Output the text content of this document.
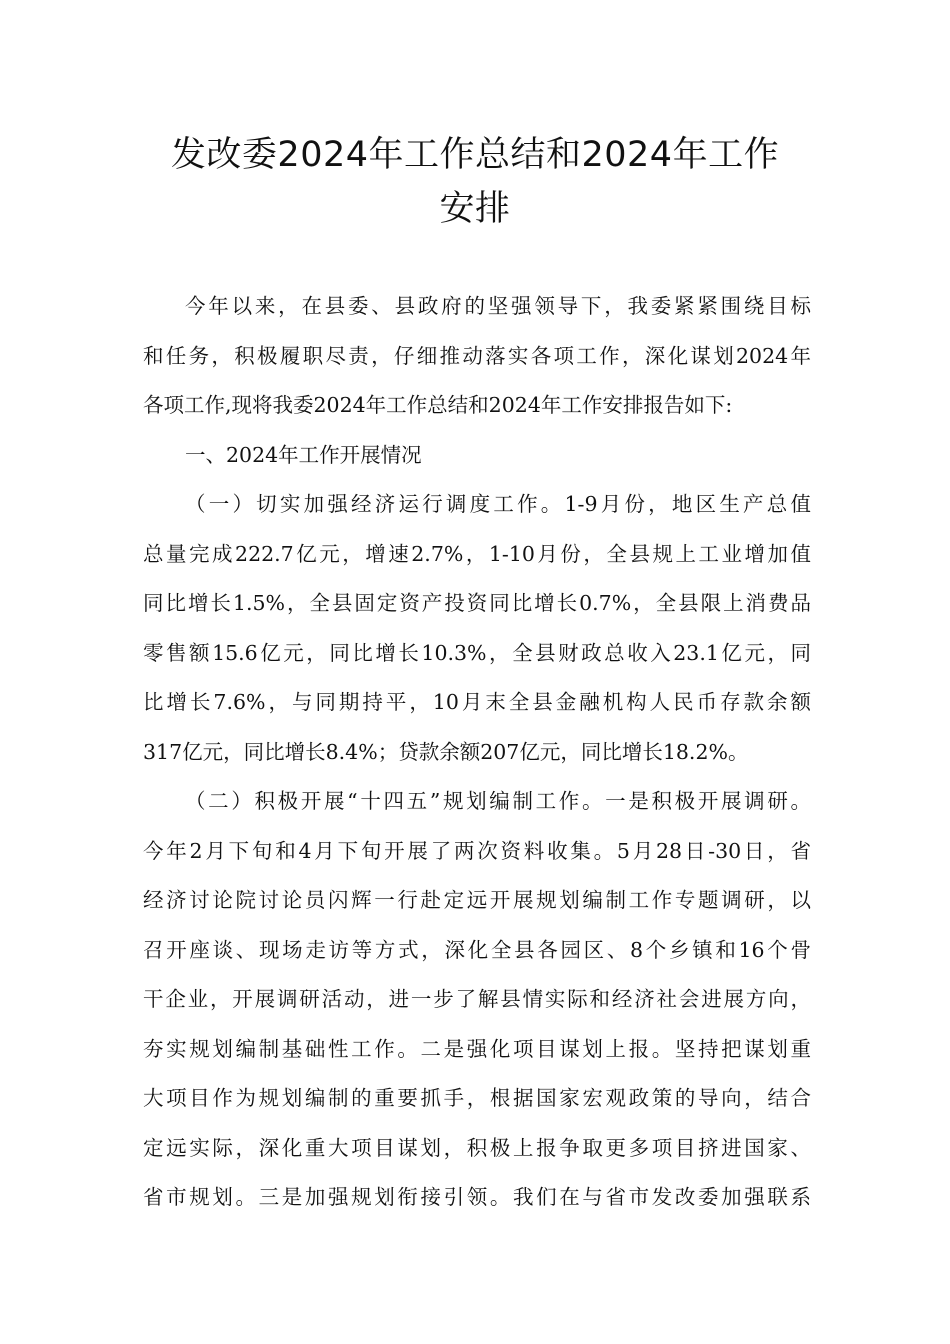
发改委2024年工作总结和2024年工作
安排
今年以来，在县委、县政府的坚强领导下，我委紧紧围绕目标
和任务，积极履职尽责，仔细推动落实各项工作，深化谋划2024年
各项工作,现将我委2024年工作总结和2024年工作安排报告如下:
一、2024年工作开展情况
（一）切实加强经济运行调度工作。1-9月份，地区生产总值
总量完成222.7亿元，增速2.7%，1-10月份，全县规上工业增加值
同比增长1.5%，全县固定资产投资同比增长0.7%，全县限上消费品
零售额15.6亿元，同比增长10.3%，全县财政总收入23.1亿元，同
比增长7.6%，与同期持平，10月末全县金融机构人民币存款余额
317亿元，同比增长8.4%；贷款余额207亿元，同比增长18.2%。
（二）积极开展“十四五”规划编制工作。一是积极开展调研。
今年2月下旬和4月下旬开展了两次资料收集。5月28日-30日，省
经济讨论院讨论员闪辉一行赴定远开展规划编制工作专题调研，以
召开座谈、现场走访等方式，深化全县各园区、8个乡镇和16个骨
干企业，开展调研活动，进一步了解县情实际和经济社会进展方向，
夯实规划编制基础性工作。二是强化项目谋划上报。坚持把谋划重
大项目作为规划编制的重要抓手，根据国家宏观政策的导向，结合
定远实际，深化重大项目谋划，积极上报争取更多项目挤进国家、
省市规划。三是加强规划衔接引领。我们在与省市发改委加强联系
